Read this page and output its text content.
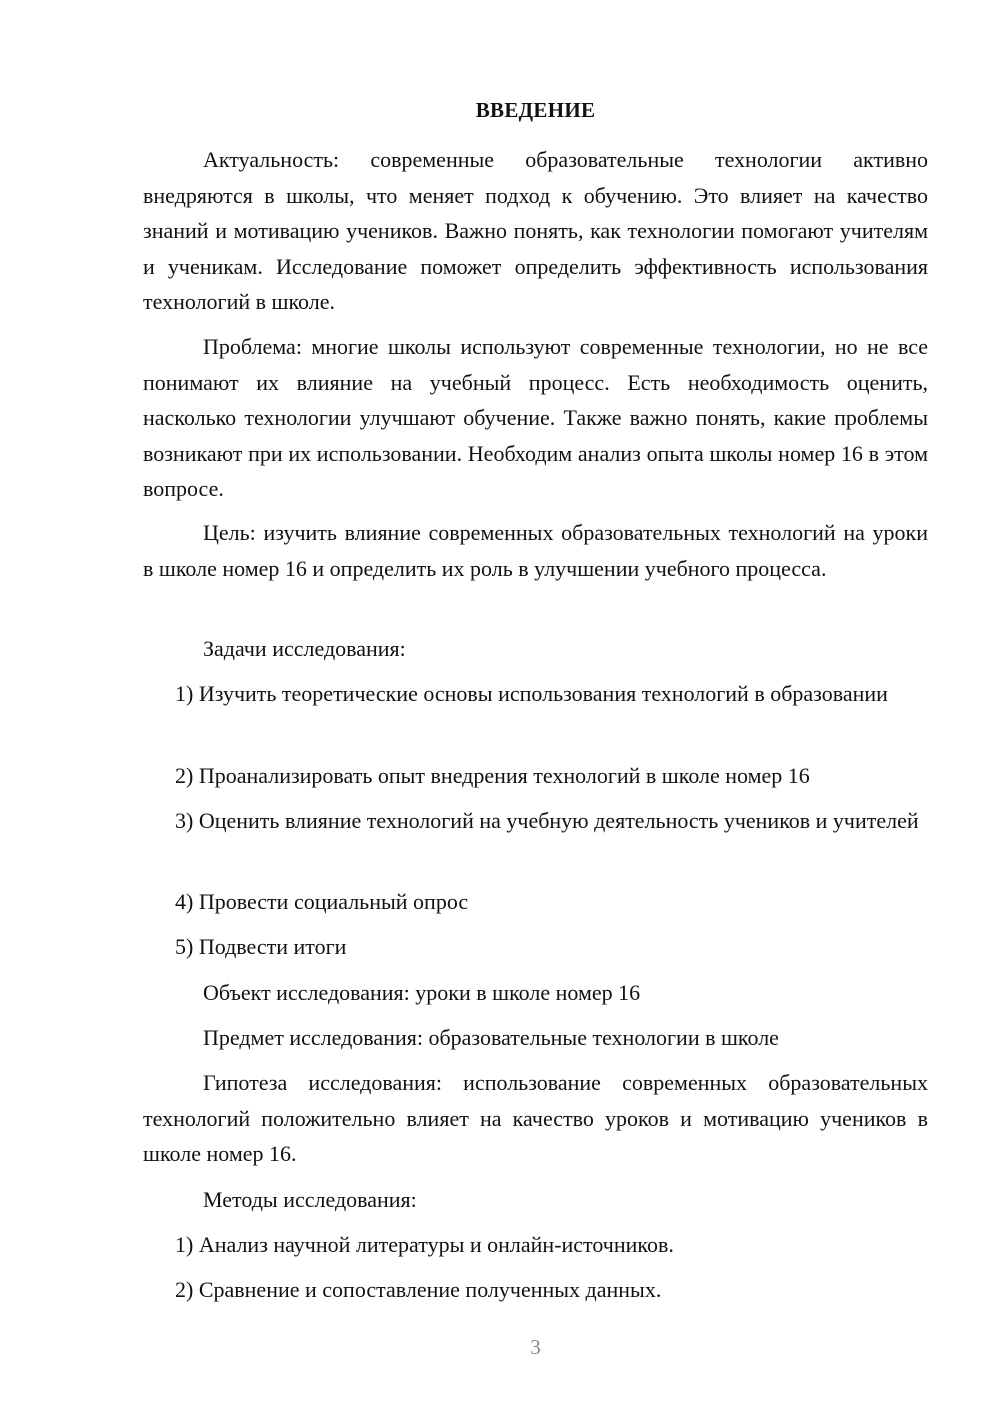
ВВЕДЕНИЕ
Актуальность: современные образовательные технологии активно внедряются в школы, что меняет подход к обучению. Это влияет на качество знаний и мотивацию учеников. Важно понять, как технологии помогают учителям и ученикам. Исследование поможет определить эффективность использования технологий в школе.
Проблема: многие школы используют современные технологии, но не все понимают их влияние на учебный процесс. Есть необходимость оценить, насколько технологии улучшают обучение. Также важно понять, какие проблемы возникают при их использовании. Необходим анализ опыта школы номер 16 в этом вопросе.
Цель: изучить влияние современных образовательных технологий на уроки в школе номер 16 и определить их роль в улучшении учебного процесса.
Задачи исследования:
1) Изучить теоретические основы использования технологий в образовании
2) Проанализировать опыт внедрения технологий в школе номер 16
3) Оценить влияние технологий на учебную деятельность учеников и учителей
4) Провести социальный опрос
5) Подвести итоги
Объект исследования: уроки в школе номер 16
Предмет исследования: образовательные технологии в школе
Гипотеза исследования: использование современных образовательных технологий положительно влияет на качество уроков и мотивацию учеников в школе номер 16.
Методы исследования:
1) Анализ научной литературы и онлайн-источников.
2) Сравнение и сопоставление полученных данных.
3
